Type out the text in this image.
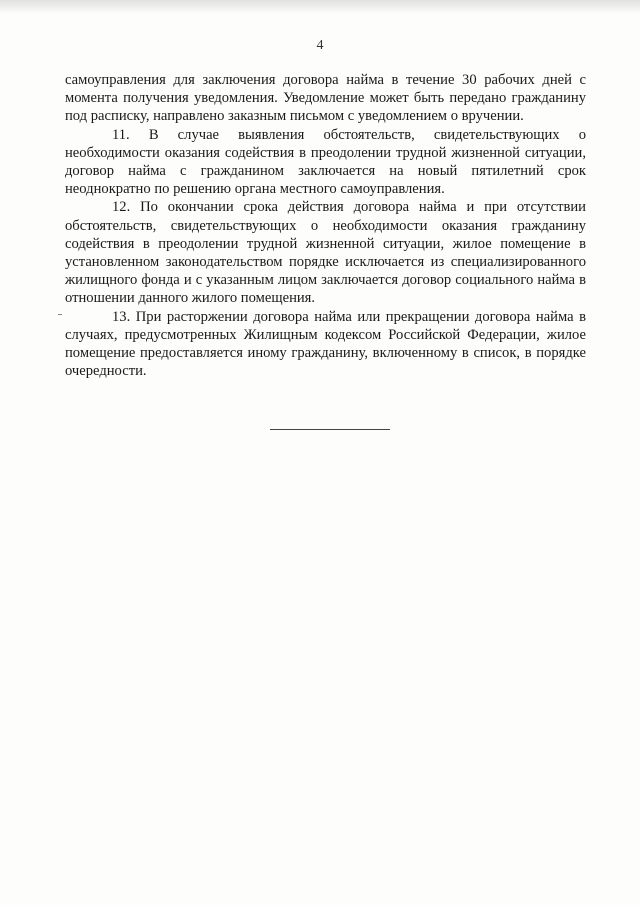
4

самоуправления для заключения договора найма в течение 30 рабочих дней с момента получения уведомления. Уведомление может быть передано гражданину под расписку, направлено заказным письмом с уведомлением о вручении.

11. В случае выявления обстоятельств, свидетельствующих о необходимости оказания содействия в преодолении трудной жизненной ситуации, договор найма с гражданином заключается на новый пятилетний срок неоднократно по решению органа местного самоуправления.

12. По окончании срока действия договора найма и при отсутствии обстоятельств, свидетельствующих о необходимости оказания гражданину содействия в преодолении трудной жизненной ситуации, жилое помещение в установленном законодательством порядке исключается из специализированного жилищного фонда и с указанным лицом заключается договор социального найма в отношении данного жилого помещения.

13. При расторжении договора найма или прекращении договора найма в случаях, предусмотренных Жилищным кодексом Российской Федерации, жилое помещение предоставляется иному гражданину, включенному в список, в порядке очередности.
